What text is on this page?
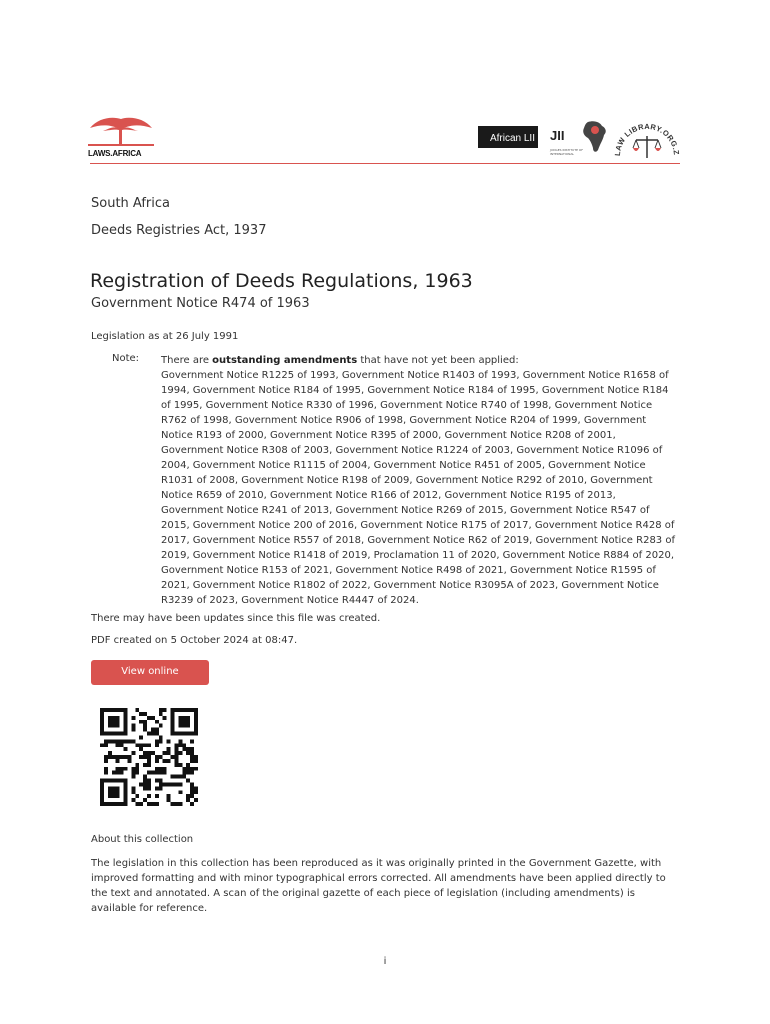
LAWS.AFRICA
African LII JII
JUDGES INSTITUTE OF INTERNATIONAL	LAW LIBRARY.ORG.Z
South Africa
Deeds Registries Act, 1937
Registration of Deeds Regulations, 1963
Government Notice R474 of 1963
Legislation as at 26 July 1991
Note: There are outstanding amendments that have not yet been applied:
Government Notice R1225 of 1993, Government Notice R1403 of 1993, Government Notice R1658 of 1994, Government Notice R184 of 1995, Government Notice R184 of 1995, Government Notice R184 of 1995, Government Notice R330 of 1996, Government Notice R740 of 1998, Government Notice R762 of 1998, Government Notice R906 of 1998, Government Notice R204 of 1999, Government Notice R193 of 2000, Government Notice R395 of 2000, Government Notice R208 of 2001, Government Notice R308 of 2003, Government Notice R1224 of 2003, Government Notice R1096 of 2004, Government Notice R1115 of 2004, Government Notice R451 of 2005, Government Notice R1031 of 2008, Government Notice R198 of 2009, Government Notice R292 of 2010, Government Notice R659 of 2010, Government Notice R166 of 2012, Government Notice R195 of 2013, Government Notice R241 of 2013, Government Notice R269 of 2015, Government Notice R547 of 2015, Government Notice 200 of 2016, Government Notice R175 of 2017, Government Notice R428 of 2017, Government Notice R557 of 2018, Government Notice R62 of 2019, Government Notice R283 of 2019, Government Notice R1418 of 2019, Proclamation 11 of 2020, Government Notice R884 of 2020, Government Notice R153 of 2021, Government Notice R498 of 2021, Government Notice R1595 of 2021, Government Notice R1802 of 2022, Government Notice R3095A of 2023, Government Notice R3239 of 2023, Government Notice R4447 of 2024.
There may have been updates since this file was created.
PDF created on 5 October 2024 at 08:47.
View online
About this collection
The legislation in this collection has been reproduced as it was originally printed in the Government Gazette, with improved formatting and with minor typographical errors corrected. All amendments have been applied directly to the text and annotated. A scan of the original gazette of each piece of legislation (including amendments) is available for reference.
i
